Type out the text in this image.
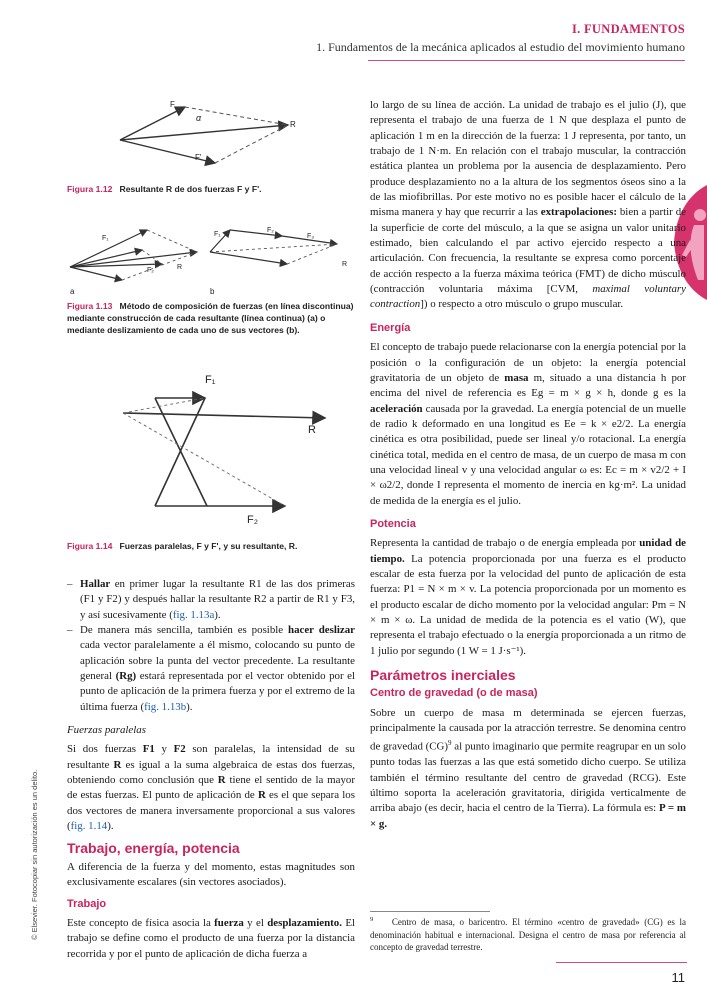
I. FUNDAMENTOS
1. Fundamentos de la mecánica aplicados al estudio del movimiento humano
F
α
R
F'
Figura 1.12 Resultante R de dos fuerzas F y F'.
F₁
F₂	R
a
F₁
F₂
F₃
R
b
Figura 1.13 Método de composición de fuerzas (en línea discontinua) mediante construcción de cada resultante (línea continua) (a) o mediante deslizamiento de cada uno de sus vectores (b).
F₁
R
F₂
Figura 1.14 Fuerzas paralelas, F y F', y su resultante, R.
– Hallar en primer lugar la resultante R1 de las dos primeras (F1 y F2) y después hallar la resultante R2 a partir de R1 y F3, y así sucesivamente (fig. 1.13a).
– De manera más sencilla, también es posible hacer deslizar cada vector paralelamente a él mismo, colocando su punto de aplicación sobre la punta del vector precedente. La resultante general (Rg) estará representada por el vector obtenido por el punto de aplicación de la primera fuerza y por el extremo de la última fuerza (fig. 1.13b).

Fuerzas paralelas

Si dos fuerzas F1 y F2 son paralelas, la intensidad de su resultante R es igual a la suma algebraica de estas dos fuerzas, obteniendo como conclusión que R tiene el sentido de la mayor de estas fuerzas. El punto de aplicación de R es el que separa los dos vectores de manera inversamente proporcional a sus valores (fig. 1.14).

Trabajo, energía, potencia

A diferencia de la fuerza y del momento, estas magnitudes son exclusivamente escalares (sin vectores asociados).

Trabajo

Este concepto de física asocia la fuerza y el desplazamiento. El trabajo se define como el producto de una fuerza por la distancia recorrida y por el punto de aplicación de dicha fuerza a

lo largo de su línea de acción. La unidad de trabajo es el julio (J), que representa el trabajo de una fuerza de 1 N que desplaza el punto de aplicación 1 m en la dirección de la fuerza: 1 J representa, por tanto, un trabajo de 1 N·m. En relación con el trabajo muscular, la contracción estática plantea un problema por la ausencia de desplazamiento. Pero produce desplazamiento no a la altura de los segmentos óseos sino a la de las miofibrillas. Por este motivo no es posible hacer el cálculo de la misma manera y hay que recurrir a las extrapolaciones: bien a partir de la superficie de corte del músculo, a la que se asigna un valor unitario estimado, bien calculando el par activo ejercido respecto a una articulación. Con frecuencia, la resultante se expresa como porcentaje de acción respecto a la fuerza máxima teórica (FMT) de dicho músculo (contracción voluntaria máxima [CVM, maximal voluntary contraction]) o respecto a otro músculo o grupo muscular.

Energía

El concepto de trabajo puede relacionarse con la energía potencial por la posición o la configuración de un objeto: la energía potencial gravitatoria de un objeto de masa m, situado a una distancia h por encima del nivel de referencia es Eg = m × g × h, donde g es la aceleración causada por la gravedad. La energía potencial de un muelle de radio k deformado en una longitud es Ee = k × e2/2. La energía cinética es otra posibilidad, puede ser lineal y/o rotacional. La energía cinética total, medida en el centro de masa, de un cuerpo de masa m con una velocidad lineal v y una velocidad angular ω es: Ec = m × v2/2 + I × ω2/2, donde I representa el momento de inercia en kg·m². La unidad de medida de la energía es el julio.

Potencia

Representa la cantidad de trabajo o de energía empleada por unidad de tiempo. La potencia proporcionada por una fuerza es el producto escalar de esta fuerza por la velocidad del punto de aplicación de esta fuerza: P1 = N × m × v. La potencia proporcionada por un momento es el producto escalar de dicho momento por la velocidad angular: Pm = N × m × ω. La unidad de medida de la potencia es el vatio (W), que representa el trabajo efectuado o la energía proporcionada a un ritmo de 1 julio por segundo (1 W = 1 J·s⁻¹).

Parámetros inerciales
Centro de gravedad (o de masa)

Sobre un cuerpo de masa m determinada se ejercen fuerzas, principalmente la causada por la atracción terrestre. Se denomina centro de gravedad (CG)$^9$ al punto imaginario que permite reagrupar en un solo punto todas las fuerzas a las que está sometido dicho cuerpo. Se utiliza también el término resultante del centro de gravedad (RCG). Este último soporta la aceleración gravitatoria, dirigida verticalmente de arriba abajo (es decir, hacia el centro de la Tierra). La fórmula es: P = m × g.

$^9$ Centro de masa, o baricentro. El término «centro de gravedad» (CG) es la denominación habitual e internacional. Designa el centro de masa por referencia al concepto de gravedad terrestre.
© Elsevier. Fotocopiar sin autorización es un delito.
11
